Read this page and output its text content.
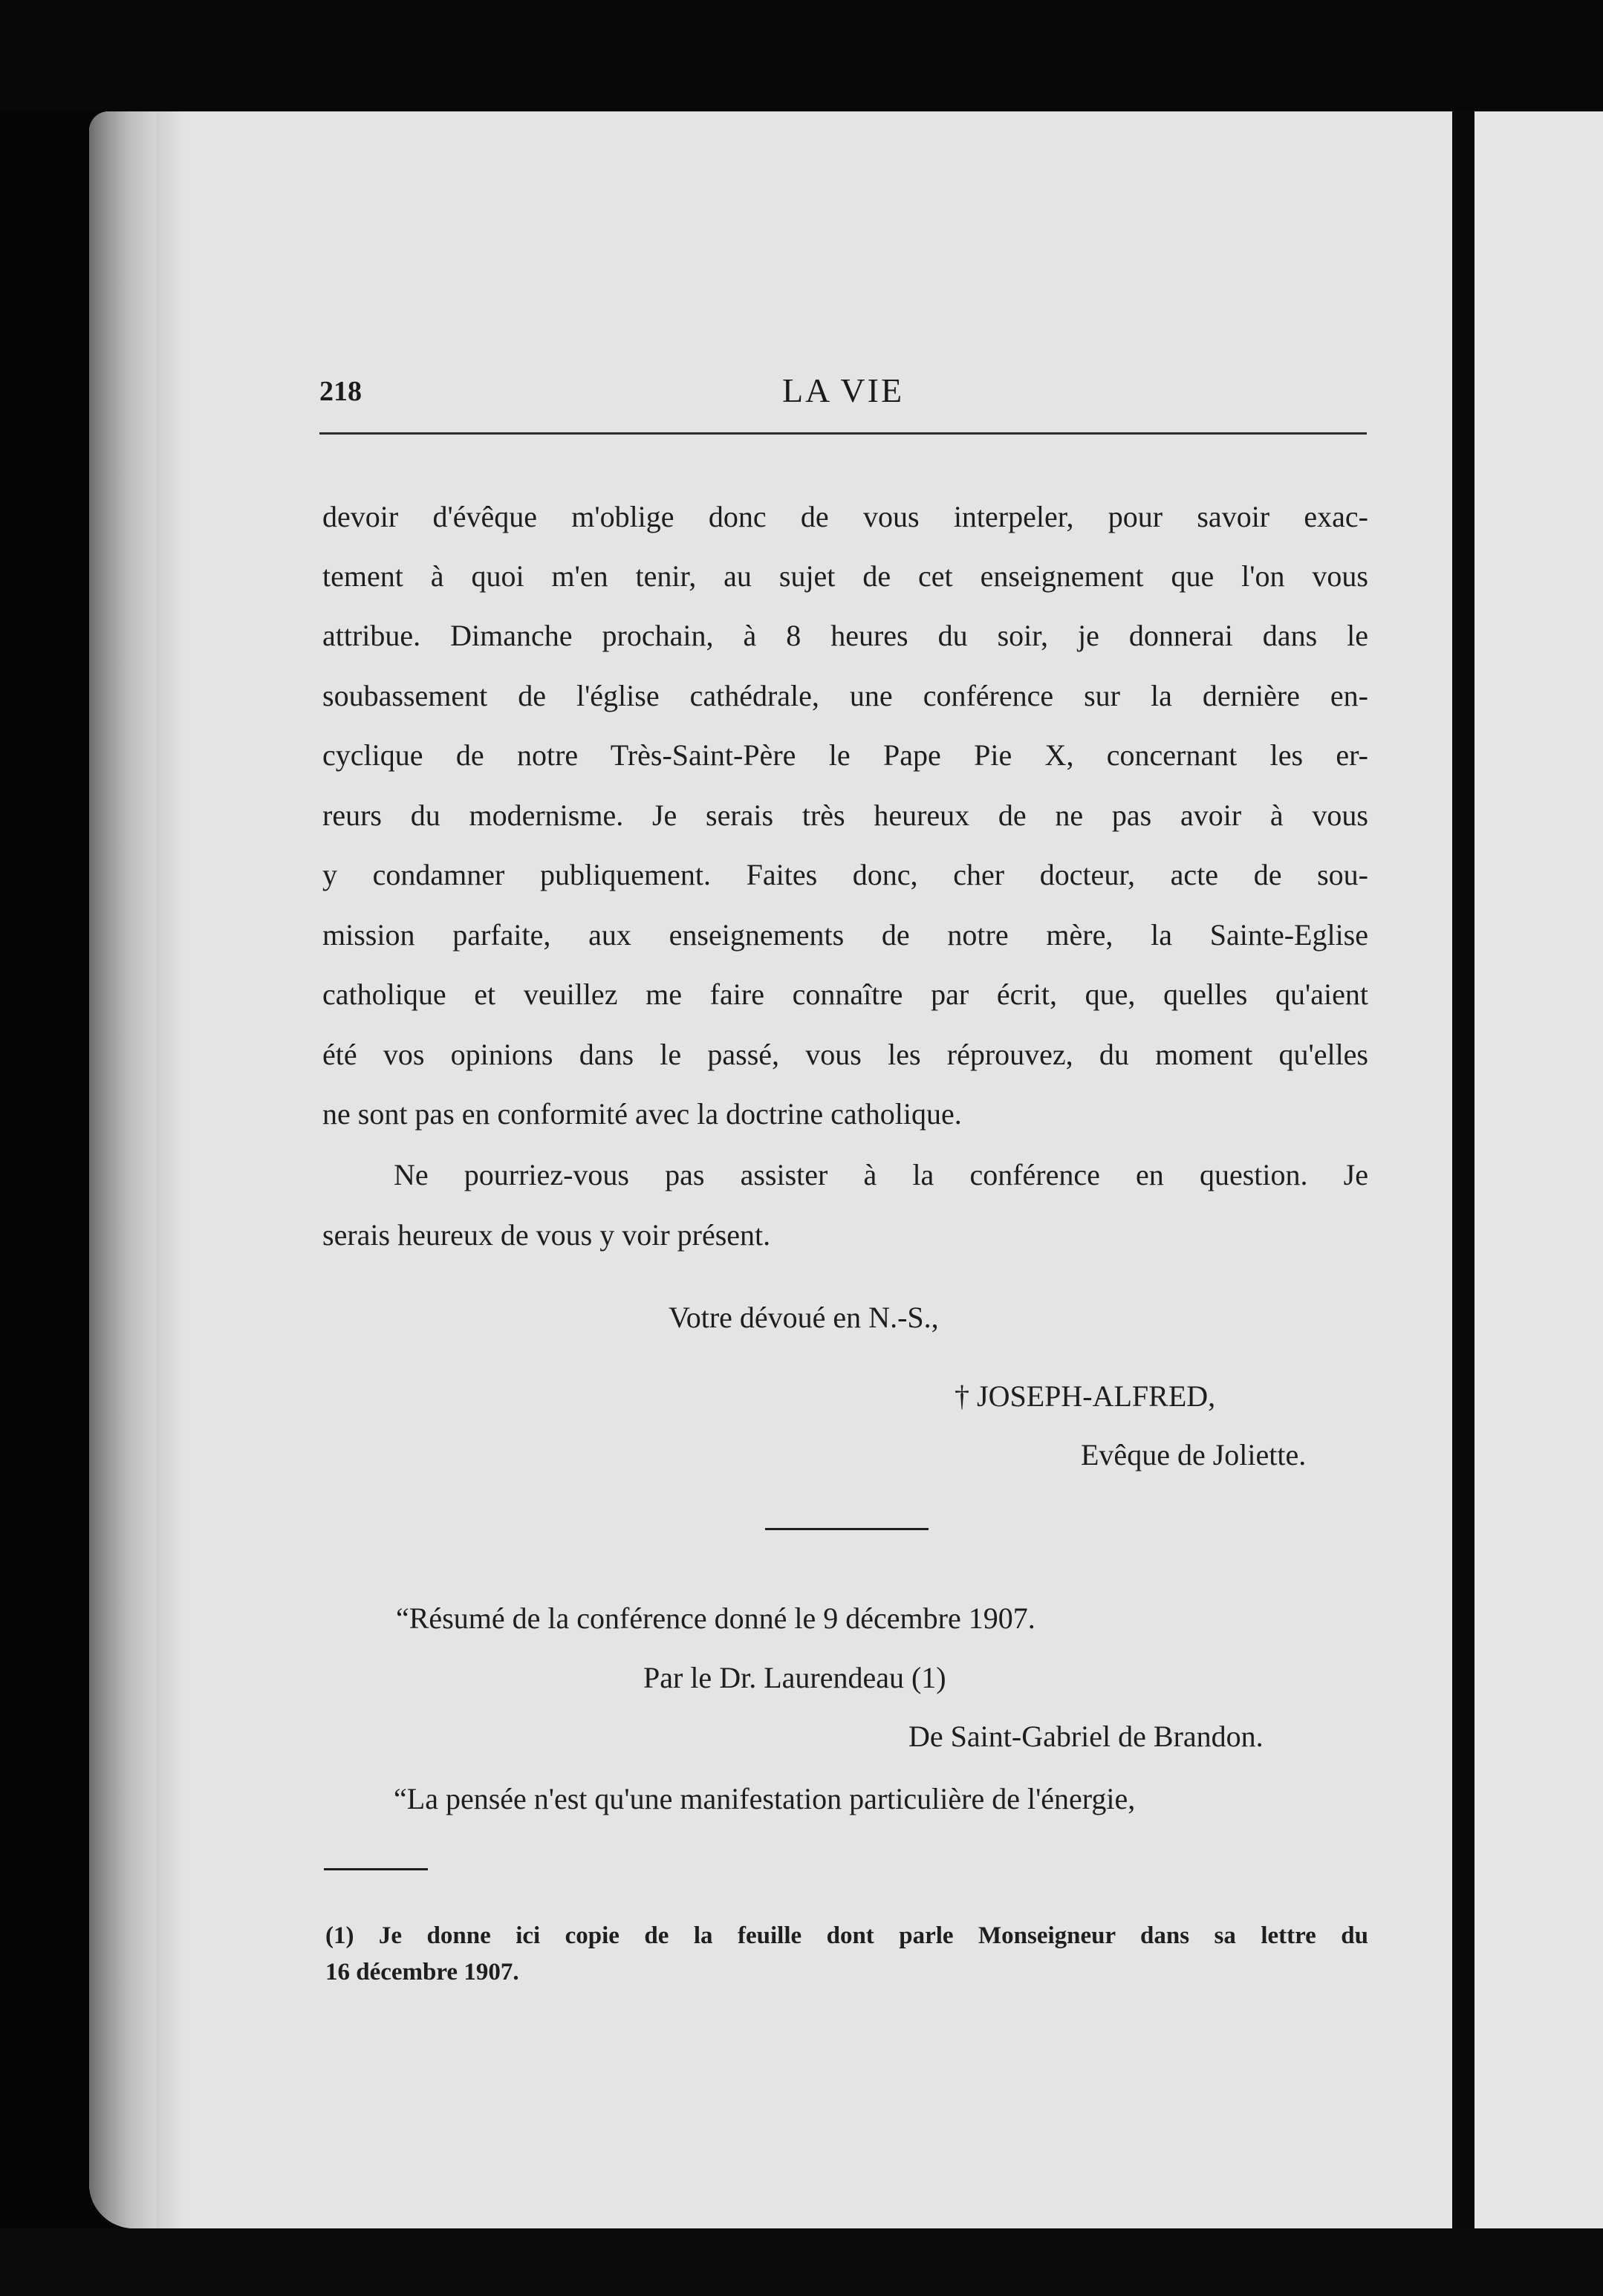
218	LA VIE
devoir d'évêque m'oblige donc de vous interpeler, pour savoir exac-
tement à quoi m'en tenir, au sujet de cet enseignement que l'on vous
attribue. Dimanche prochain, à 8 heures du soir, je donnerai dans le
soubassement de l'église cathédrale, une conférence sur la dernière en-
cyclique de notre Très-Saint-Père le Pape Pie X, concernant les er-
reurs du modernisme. Je serais très heureux de ne pas avoir à vous
y condamner publiquement. Faites donc, cher docteur, acte de sou-
mission parfaite, aux enseignements de notre mère, la Sainte-Eglise
catholique et veuillez me faire connaître par écrit, que, quelles qu'aient
été vos opinions dans le passé, vous les réprouvez, du moment qu'elles
ne sont pas en conformité avec la doctrine catholique.
Ne pourriez-vous pas assister à la conférence en question. Je
serais heureux de vous y voir présent.
Votre dévoué en N.-S.,
† JOSEPH-ALFRED,
Evêque de Joliette.
“Résumé de la conférence donné le 9 décembre 1907.
Par le Dr. Laurendeau (1)
De Saint-Gabriel de Brandon.
“La pensée n'est qu'une manifestation particulière de l'énergie,
(1) Je donne ici copie de la feuille dont parle Monseigneur dans sa lettre du
16 décembre 1907.
